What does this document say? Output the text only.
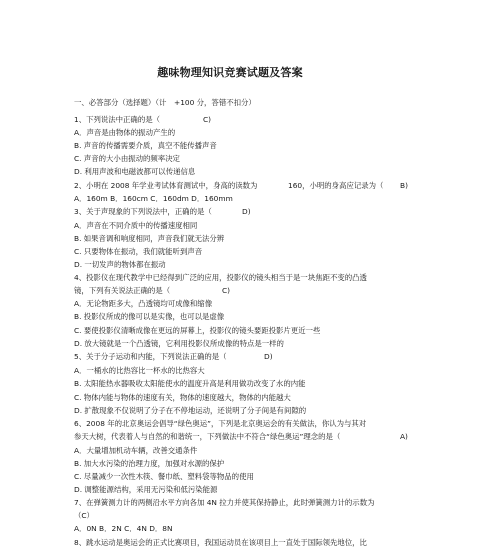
趣味物理知识竞赛试题及答案
一、必答部分（选择题）（计 +100 分，答错不扣分）
1、下列说法中正确的是（	C)
A．声音是由物体的振动产生的
B. 声音的传播需要介质，真空不能传播声音
C. 声音的大小由振动的频率决定
D. 利用声波和电磁波都可以传递信息
2、小明在 2008 年学业考试体育测试中，身高的读数为	160，小明的身高应记录为（ B)
A．160m B．160cm C．160dm D．160mm
3、关于声现象的下列说法中，正确的是（	D)
A．声音在不同介质中的传播速度相同
B. 如果音调和响度相同，声音我们就无法分辨
C. 只要物体在振动，我们就能听到声音
D. 一切发声的物体都在振动
4、投影仪在现代教学中已经得到广泛的应用，投影仪的镜头相当于是一块焦距不变的凸透
镜，下列有关说法正确的是（	C)
A．无论物距多大，凸透镜均可成像和缩像
B. 投影仪所成的像可以是实像，也可以是虚像
C. 要使投影仪清晰成像在更远的屏幕上，投影仪的镜头要距投影片更近一些
D. 放大镜就是一个凸透镜，它利用投影仪所成像的特点是一样的
5、关于分子运动和内能，下列说法正确的是（	D)
A．一桶水的比热容比一杯水的比热容大
B. 太阳能热水器吸收太阳能使水的温度升高是利用做功改变了水的内能
C. 物体内能与物体的速度有关，物体的速度越大，物体的内能越大
D. 扩散现象不仅说明了分子在不停地运动，还说明了分子间是有间隙的
6、2008 年的北京奥运会倡导“绿色奥运”，下列是北京奥运会的有关做法，你认为与其对
参天大树，代表着人与自然的和谐统一，下列做法中不符合“绿色奥运”理念的是（	A)
A．大量增加机动车辆，改善交通条件
B. 加大水污染的治理力度，加强对水源的保护
C. 尽量减少一次性木筷、餐巾纸、塑料袋等物品的使用
D. 调整能源结构，采用无污染和低污染能源
7、在弹簧测力计的两侧沿水平方向各加 4N 拉力并使其保持静止，此时弹簧测力计的示数为
（C）
A．0N B．2N C．4N D．8N
8、跳水运动是奥运会的正式比赛项目，我国运动员在该项目上一直处于国际领先地位，比
